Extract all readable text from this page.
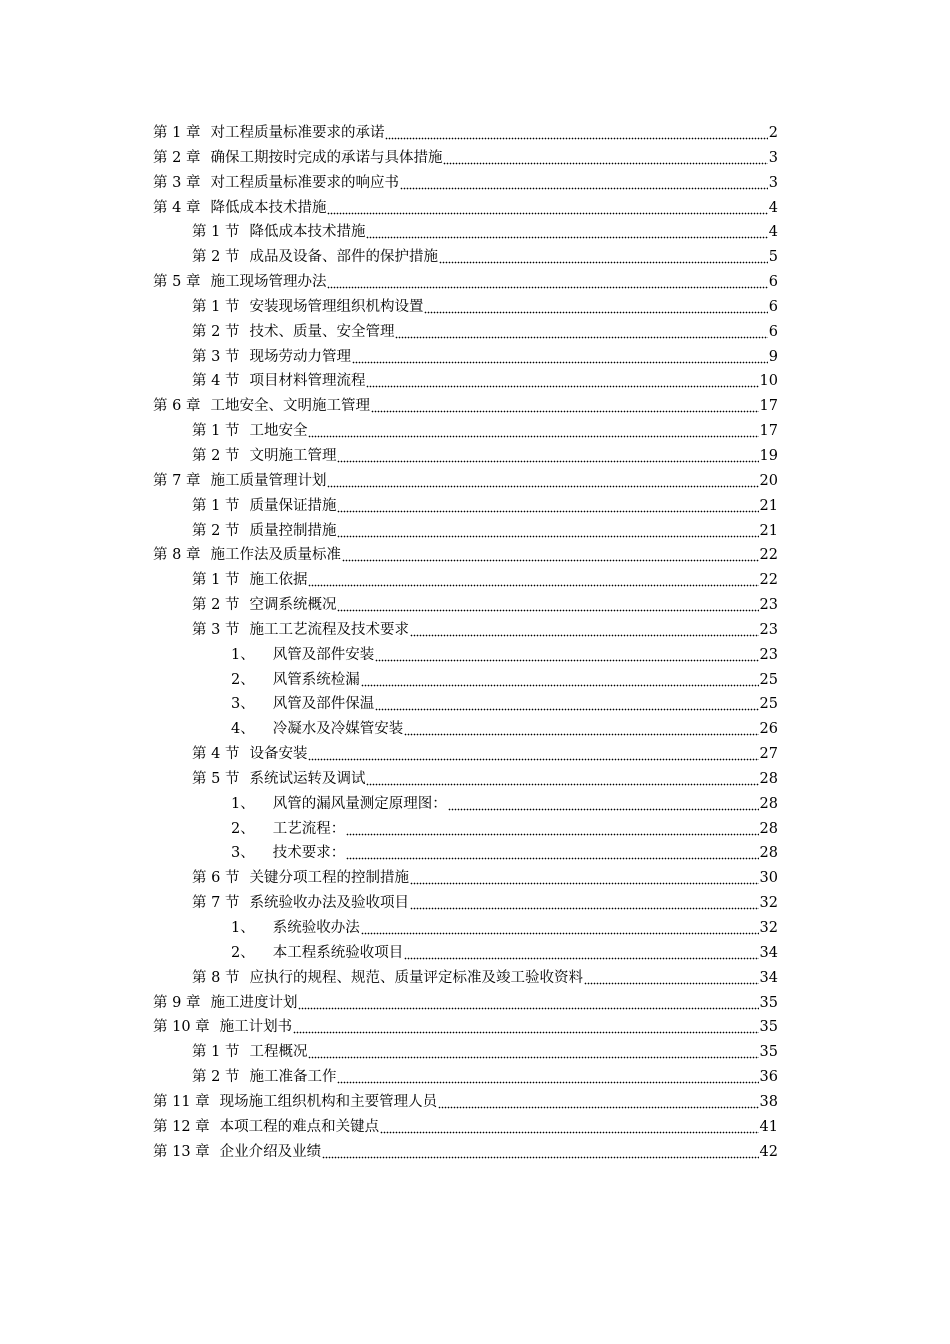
第 1 章 对工程质量标准要求的承诺	2
第 2 章 确保工期按时完成的承诺与具体措施	3
第 3 章 对工程质量标准要求的响应书	3
第 4 章 降低成本技术措施	4
第 1 节 降低成本技术措施	4
第 2 节 成品及设备、部件的保护措施	5
第 5 章 施工现场管理办法	6
第 1 节 安装现场管理组织机构设置	6
第 2 节 技术、质量、安全管理	6
第 3 节 现场劳动力管理	9
第 4 节 项目材料管理流程	10
第 6 章 工地安全、文明施工管理	17
第 1 节 工地安全	17
第 2 节 文明施工管理	19
第 7 章 施工质量管理计划	20
第 1 节 质量保证措施	21
第 2 节 质量控制措施	21
第 8 章 施工作法及质量标准	22
第 1 节 施工依据	22
第 2 节 空调系统概况	23
第 3 节 施工工艺流程及技术要求	23
1、 风管及部件安装	23
2、 风管系统检漏	25
3、 风管及部件保温	25
4、 冷凝水及冷媒管安装	26
第 4 节 设备安装	27
第 5 节 系统试运转及调试	28
1、 风管的漏风量测定原理图：	28
2、 工艺流程：	28
3、 技术要求：	28
第 6 节 关键分项工程的控制措施	30
第 7 节 系统验收办法及验收项目	32
1、 系统验收办法	32
2、 本工程系统验收项目	34
第 8 节 应执行的规程、规范、质量评定标准及竣工验收资料	34
第 9 章 施工进度计划	35
第 10 章 施工计划书	35
第 1 节 工程概况	35
第 2 节 施工准备工作	36
第 11 章 现场施工组织机构和主要管理人员	38
第 12 章 本项工程的难点和关键点	41
第 13 章 企业介绍及业绩	42
